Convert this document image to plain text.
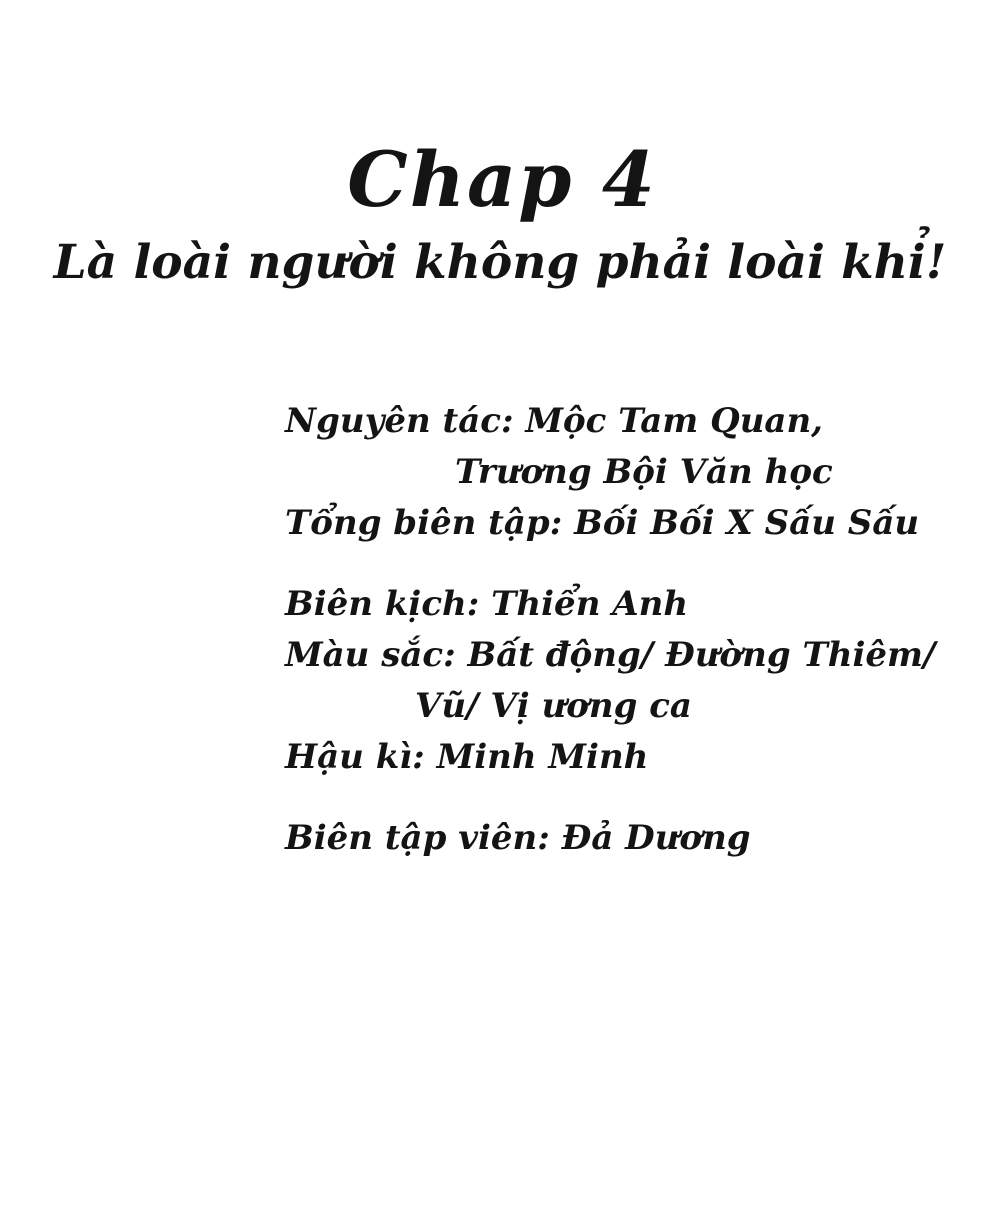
Chap 4
Là loài người không phải loài khỉ!
Nguyên tác: Mộc Tam Quan,
Trương Bội Văn học
Tổng biên tập: Bối Bối X Sấu Sấu
Biên kịch: Thiển Anh
Màu sắc: Bất động/ Đường Thiêm/
Vũ/ Vị ương ca
Hậu kì: Minh Minh
Biên tập viên: Đả Dương
